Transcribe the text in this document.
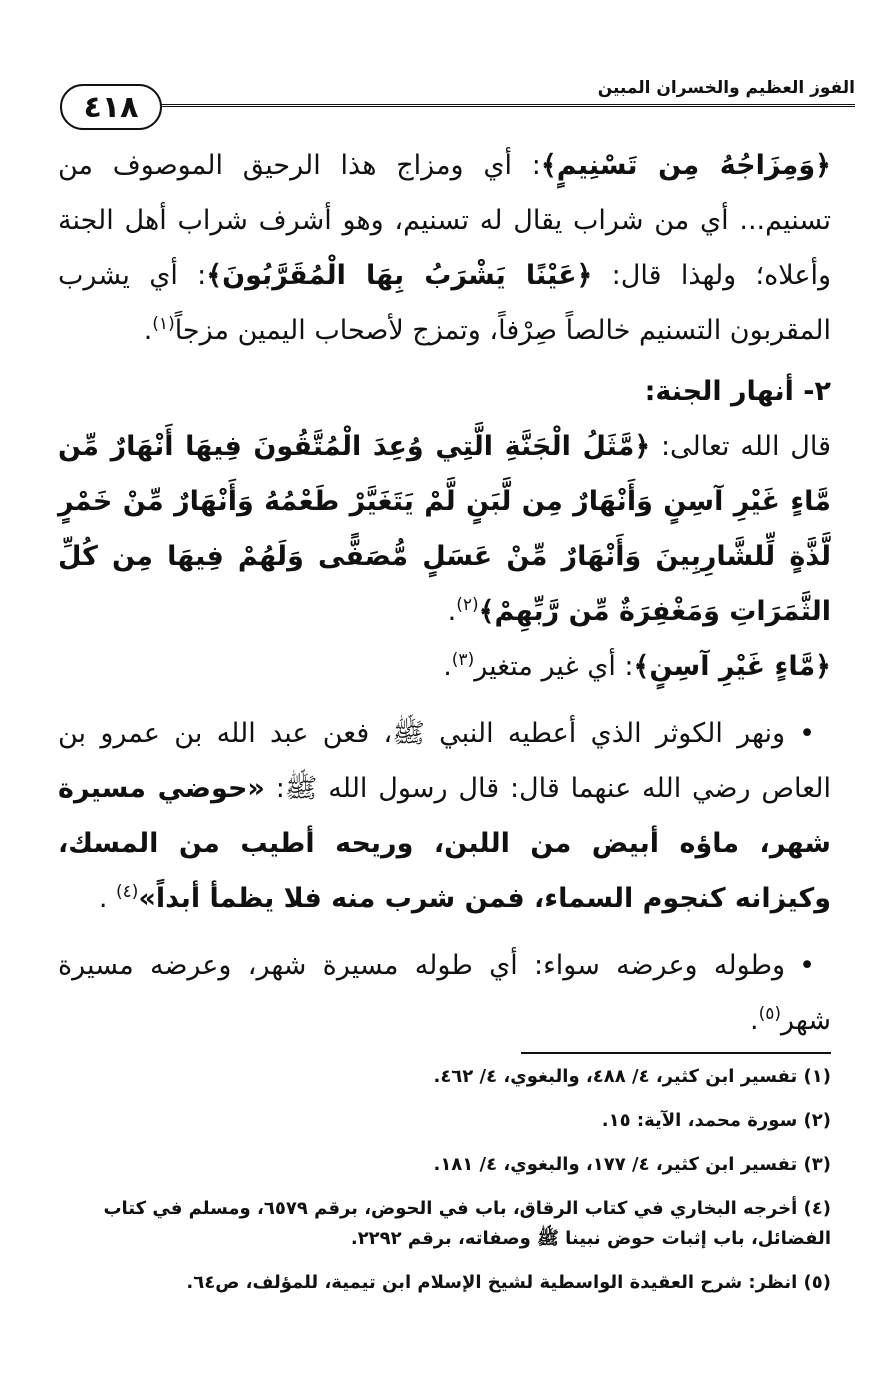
الفوز العظيم والخسران المبين
٤١٨

﴿وَمِزَاجُهُ مِن تَسْنِيمٍ﴾: أي ومزاج هذا الرحيق الموصوف من تسنيم... أي من شراب يقال له تسنيم، وهو أشرف شراب أهل الجنة وأعلاه؛ ولهذا قال: ﴿عَيْنًا يَشْرَبُ بِهَا الْمُقَرَّبُونَ﴾: أي يشرب المقربون التسنيم خالصاً صِرْفاً، وتمزج لأصحاب اليمين مزجاً$^{(١)}$.

٢- أنهار الجنة:

قال الله تعالى: ﴿مَّثَلُ الْجَنَّةِ الَّتِي وُعِدَ الْمُتَّقُونَ فِيهَا أَنْهَارٌ مِّن مَّاءٍ غَيْرِ آسِنٍ وَأَنْهَارٌ مِن لَّبَنٍ لَّمْ يَتَغَيَّرْ طَعْمُهُ وَأَنْهَارٌ مِّنْ خَمْرٍ لَّذَّةٍ لِّلشَّارِبِينَ وَأَنْهَارٌ مِّنْ عَسَلٍ مُّصَفًّى وَلَهُمْ فِيهَا مِن كُلِّ الثَّمَرَاتِ وَمَغْفِرَةٌ مِّن رَّبِّهِمْ﴾$^{(٢)}$.

﴿مَّاءٍ غَيْرِ آسِنٍ﴾: أي غير متغير$^{(٣)}$.

•ونهر الكوثر الذي أعطيه النبي ﷺ، فعن عبد الله بن عمرو بن العاص رضي الله عنهما قال: قال رسول الله ﷺ: «حوضي مسيرة شهر، ماؤه أبيض من اللبن، وريحه أطيب من المسك، وكيزانه كنجوم السماء، فمن شرب منه فلا يظمأ أبداً»$^{(٤)}$ .

•وطوله وعرضه سواء: أي طوله مسيرة شهر، وعرضه مسيرة شهر$^{(٥)}$.

(١) تفسير ابن كثير، ٤/ ٤٨٨، والبغوي، ٤/ ٤٦٢.
(٢) سورة محمد، الآية: ١٥.
(٣) تفسير ابن كثير، ٤/ ١٧٧، والبغوي، ٤/ ١٨١.
(٤) أخرجه البخاري في كتاب الرقاق، باب في الحوض، برقم ٦٥٧٩، ومسلم في كتاب الفضائل، باب إثبات حوض نبينا ﷺ وصفاته، برقم ٢٢٩٢.
(٥) انظر: شرح العقيدة الواسطية لشيخ الإسلام ابن تيمية، للمؤلف، ص٦٤.
